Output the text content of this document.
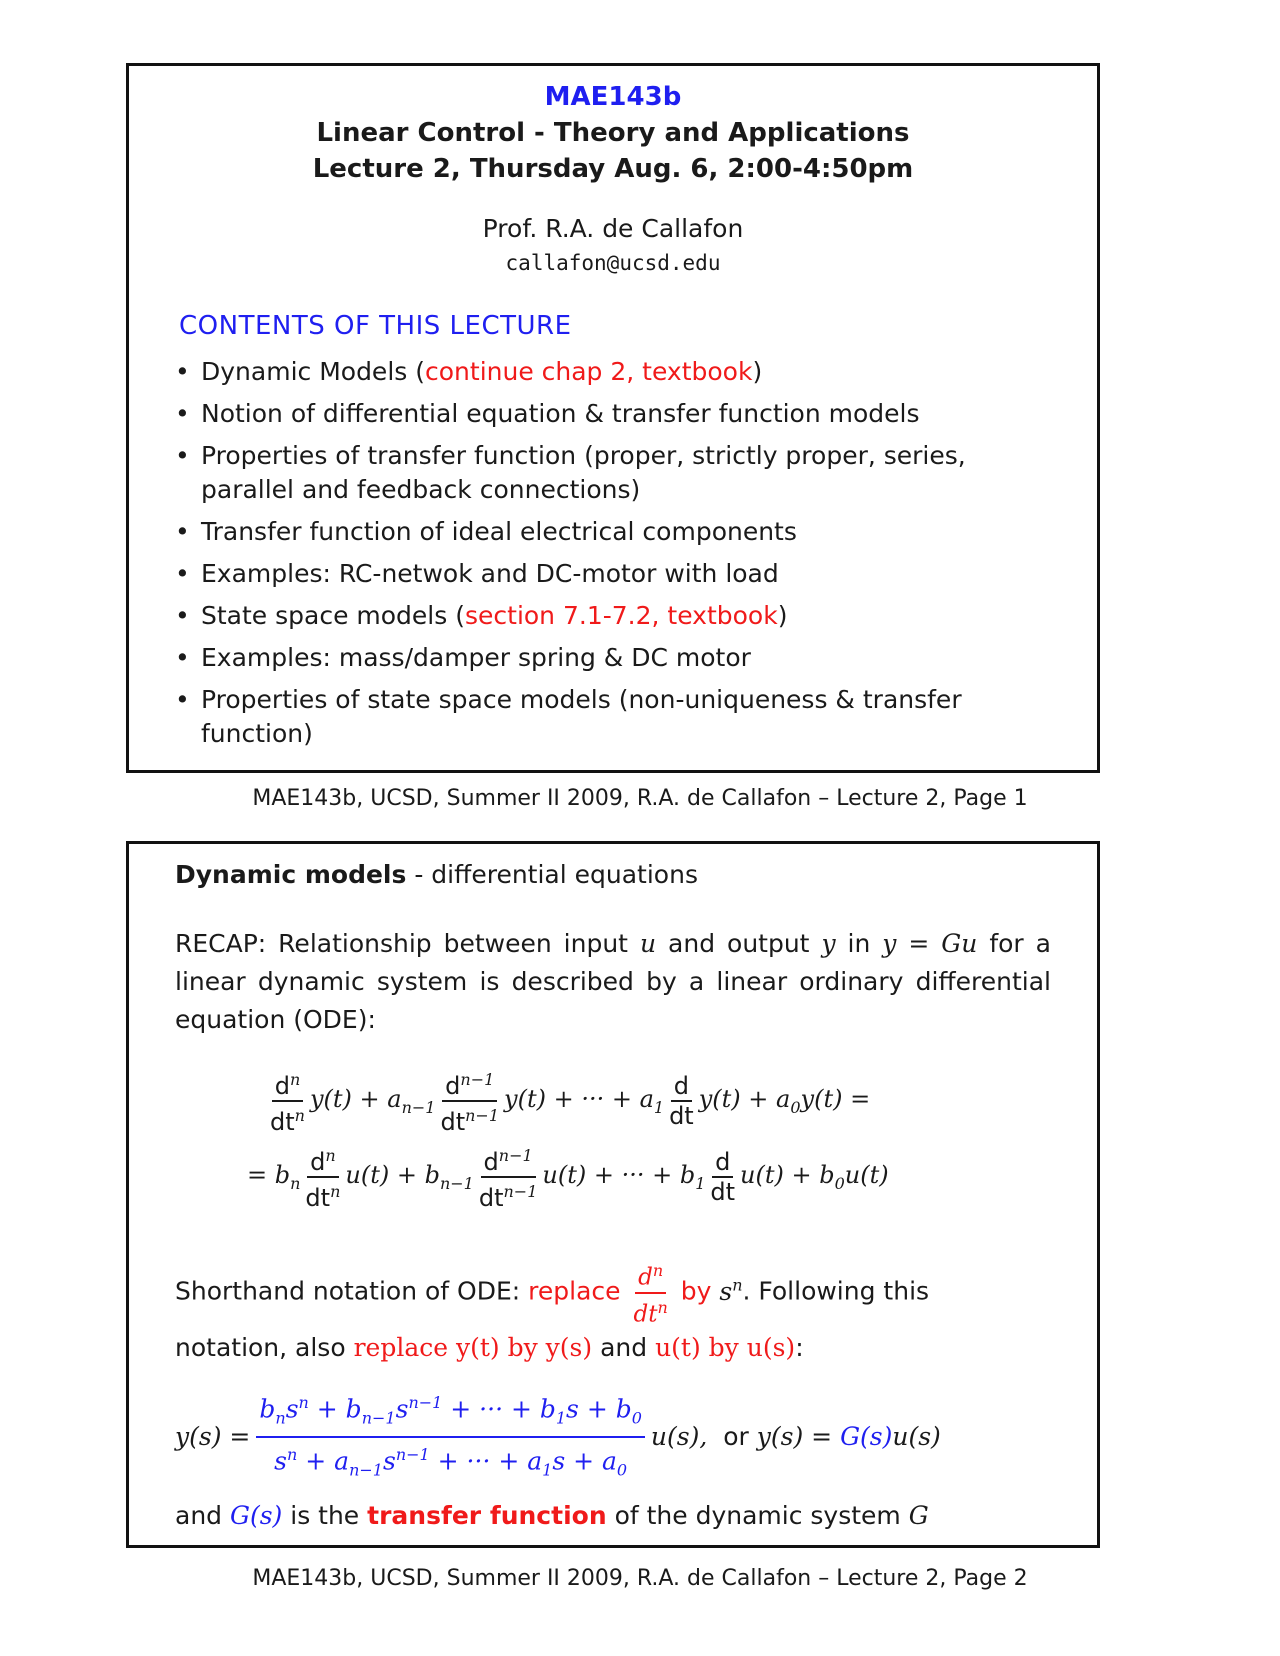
MAE143b
Linear Control - Theory and Applications
Lecture 2, Thursday Aug. 6, 2:00-4:50pm
Prof. R.A. de Callafon
callafon@ucsd.edu
CONTENTS OF THIS LECTURE
• Dynamic Models (continue chap 2, textbook)
• Notion of differential equation & transfer function models
• Properties of transfer function (proper, strictly proper, series, parallel and feedback connections)
• Transfer function of ideal electrical components
• Examples: RC-netwok and DC-motor with load
• State space models (section 7.1-7.2, textbook)
• Examples: mass/damper spring & DC motor
• Properties of state space models (non-uniqueness & transfer function)
MAE143b, UCSD, Summer II 2009, R.A. de Callafon – Lecture 2, Page 1
Dynamic models - differential equations
RECAP: Relationship between input u and output y in y = Gu for a linear dynamic system is described by a linear ordinary differential equation (ODE):
$\frac{d^n}{dt^n} y(t) + a_{n-1} \frac{d^{n-1}}{dt^{n-1}} y(t)$ + ··· + $a_1 \frac{d}{dt} y(t) + a_0y(t)$ =
= $b_n \frac{d^n}{dt^n} u(t) + b_{n-1} \frac{d^{n-1}}{dt^{n-1}} u(t)$ + ··· + $b_1 \frac{d}{dt} u(t) + b_0u(t)$
Shorthand notation of ODE: replace $\frac{d^n}{dt^n}$ by $s^n$. Following this
notation, also replace y(t) by y(s) and u(t) by u(s):
$y(s) = \frac{b_ns^n + b_{n-1}s^{n-1} + \cdot\cdot\cdot + b_1s + b_0}{s^n + a_{n-1}s^{n-1} + \cdot\cdot\cdot + a_1s + a_0} u(s)$,
or
y(s) = G(s)u(s)
and G(s) is the transfer function of the dynamic system G
MAE143b, UCSD, Summer II 2009, R.A. de Callafon – Lecture 2, Page 2
